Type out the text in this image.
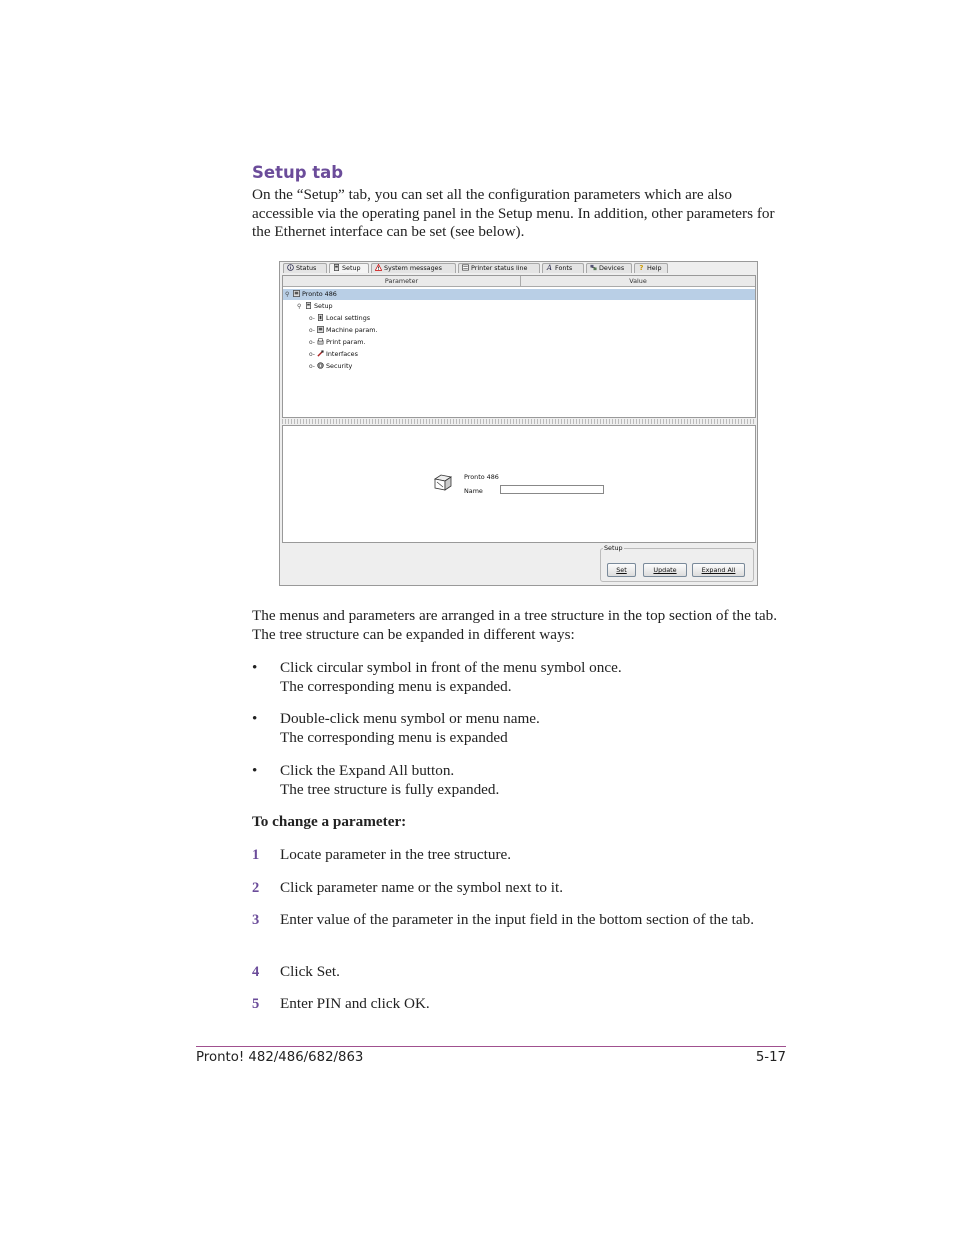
Setup tab
On the “Setup” tab, you can set all the configuration parameters which are also accessible via the operating panel in the Setup menu. In addition, other parameters for the Ethernet interface can be set (see below).
Status	Setup	System messages	Printer status line	A Fonts	Devices	? Help
Parameter	Value
⚲ Pronto 486
⚲ Setup
o- Local settings
o- Machine param.
o- Print param.
o- Interfaces
o- Security
Pronto 486
Name
Setup
Set	Update	Expand All
The menus and parameters are arranged in a tree structure in the top section of the tab. The tree structure can be expanded in different ways:
• Click circular symbol in front of the menu symbol once.
The corresponding menu is expanded.
• Double-click menu symbol or menu name.
The corresponding menu is expanded
• Click the Expand All button.
The tree structure is fully expanded.
To change a parameter:
1 Locate parameter in the tree structure.
2 Click parameter name or the symbol next to it.
3 Enter value of the parameter in the input field in the bottom section of the tab.
4 Click Set.
5 Enter PIN and click OK.
Pronto! 482/486/682/863	5-17
